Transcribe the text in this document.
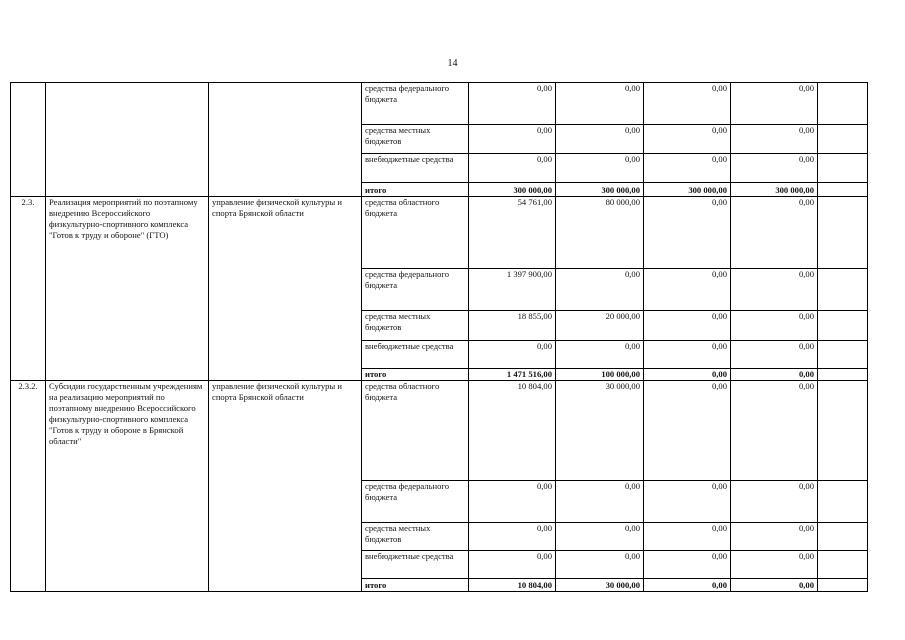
14
			средства федерального бюджета	0,00	0,00	0,00	0,00	
			средства местных бюджетов	0,00	0,00	0,00	0,00	
			внебюджетные средства	0,00	0,00	0,00	0,00	
			итого	300 000,00	300 000,00	300 000,00	300 000,00	
2.3.	Реализация мероприятий по поэтапному внедрению Всероссийского физкультурно-спортивного комплекса "Готов к труду и обороне" (ГТО)	управление физической культуры и спорта Брянской области	средства областного бюджета	54 761,00	80 000,00	0,00	0,00	
			средства федерального бюджета	1 397 900,00	0,00	0,00	0,00	
			средства местных бюджетов	18 855,00	20 000,00	0,00	0,00	
			внебюджетные средства	0,00	0,00	0,00	0,00	
			итого	1 471 516,00	100 000,00	0,00	0,00	
2.3.2.	Субсидии государственным учреждениям на реализацию мероприятий по поэтапному внедрению Всероссийского физкультурно-спортивного комплекса "Готов к труду и обороне в Брянской области"	управление физической культуры и спорта Брянской области	средства областного бюджета	10 804,00	30 000,00	0,00	0,00	
			средства федерального бюджета	0,00	0,00	0,00	0,00	
			средства местных бюджетов	0,00	0,00	0,00	0,00	
			внебюджетные средства	0,00	0,00	0,00	0,00	
			итого	10 804,00	30 000,00	0,00	0,00	
